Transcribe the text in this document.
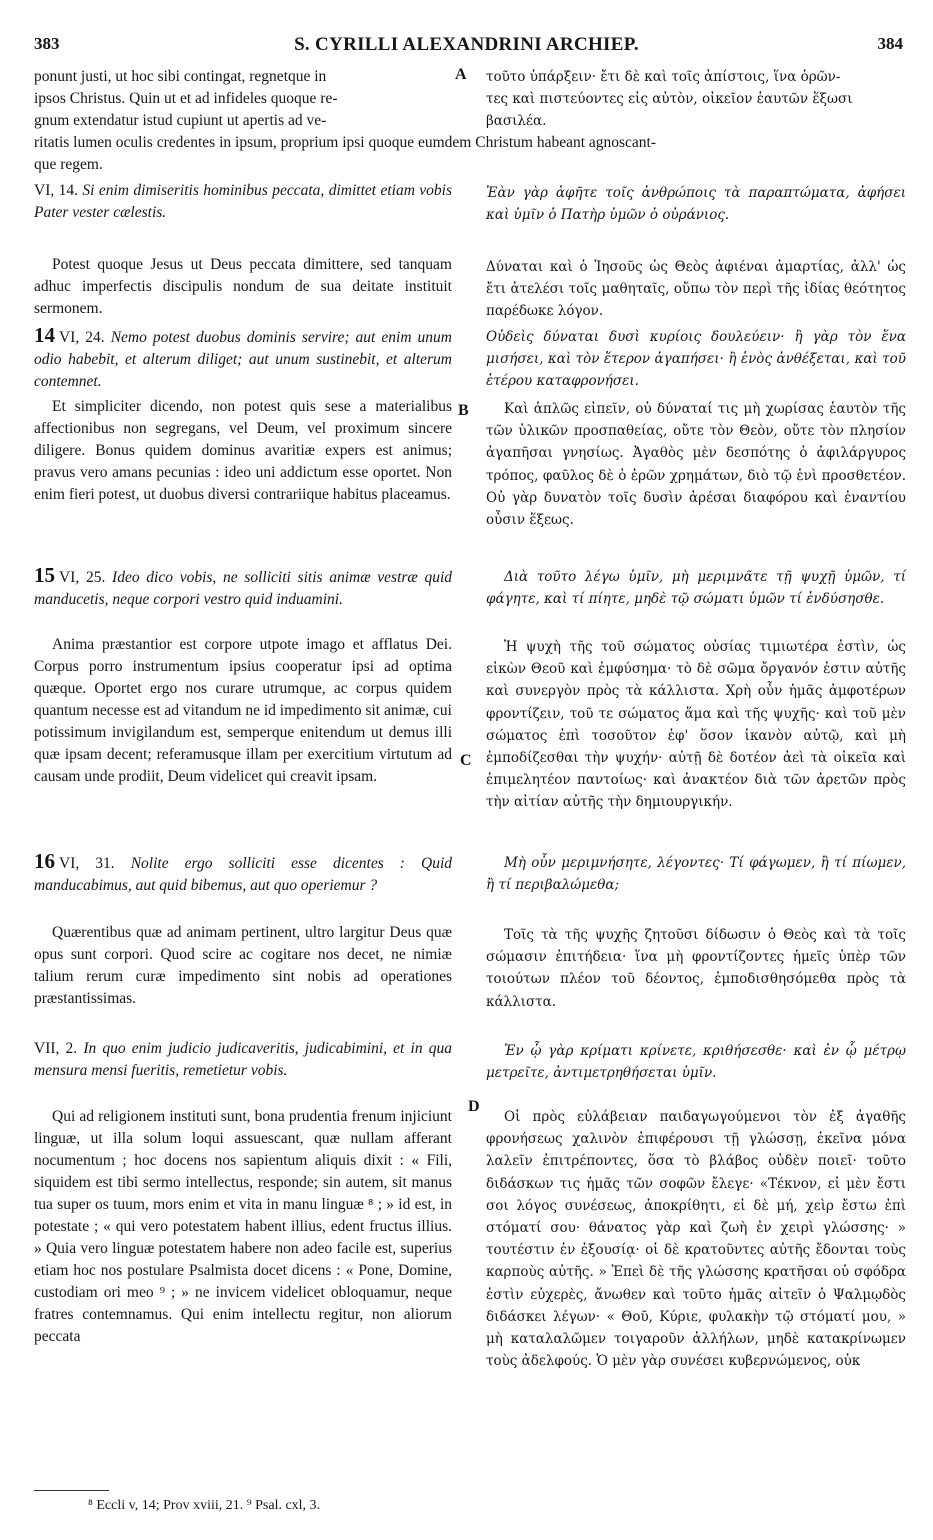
383	S. CYRILLI ALEXANDRINI ARCHIEP.	384

ponunt justi, ut hoc sibi contingat, regnetque in

ipsos Christus. Quin ut et ad infideles quoque re-

gnum extendatur istud cupiunt ut apertis ad ve-

A τοῦτο ὑπάρξειν· ἔτι δὲ καὶ τοῖς ἀπίστοις, ἵνα ὁρῶν-

τες καὶ πιστεύοντες εἰς αὐτὸν, οἰκεῖον ἑαυτῶν ἕξωσι

βασιλέα.

ritatis lumen oculis credentes in ipsum, proprium ipsi quoque eumdem Christum habeant agnoscant-

que regem.

VI, 14. Si enim dimiseritis hominibus peccata, dimittet etiam vobis Pater vester cælestis.

Potest quoque Jesus ut Deus peccata dimittere, sed tanquam adhuc imperfectis discipulis nondum de sua deitate instituit sermonem.

14 VI, 24. Nemo potest duobus dominis servire; aut enim unum odio habebit, et alterum diliget; aut unum sustinebit, et alterum contemnet.

Et simpliciter dicendo, non potest quis sese a materialibus affectionibus non segregans, vel Deum, vel proximum sincere diligere. Bonus quidem dominus avaritiæ expers est animus; pravus vero amans pecunias : ideo uni addictum esse oportet. Non enim fieri potest, ut duobus diversi contrariique habitus placeamus.

15 VI, 25. Ideo dico vobis, ne solliciti sitis animæ vestræ quid manducetis, neque corpori vestro quid induamini.

Anima præstantior est corpore utpote imago et afflatus Dei. Corpus porro instrumentum ipsius cooperatur ipsi ad optima quæque. Oportet ergo nos curare utrumque, ac corpus quidem quantum necesse est ad vitandum ne id impedimento sit animæ, cui potissimum invigilandum est, semperque enitendum ut demus illi quæ ipsam decent; referamusque illam per exercitium virtutum ad causam unde prodiit, Deum videlicet qui creavit ipsam.

16 VI, 31. Nolite ergo solliciti esse dicentes : Quid manducabimus, aut quid bibemus, aut quo operiemur ?

Quærentibus quæ ad animam pertinent, ultro largitur Deus quæ opus sunt corpori. Quod scire ac cogitare nos decet, ne nimiæ talium rerum curæ impedimento sint nobis ad operationes præstantissimas.

VII, 2. In quo enim judicio judicaveritis, judicabimini, et in qua mensura mensi fueritis, remetietur vobis.

Qui ad religionem instituti sunt, bona prudentia frenum injiciunt linguæ, ut illa solum loqui assuescant, quæ nullam afferant nocumentum ; hoc docens nos sapientum aliquis dixit : « Fili, siquidem est tibi sermo intellectus, responde; sin autem, sit manus tua super os tuum, mors enim et vita in manu linguæ ⁸ ; » id est, in potestate ; « qui vero potestatem habent illius, edent fructus illius. » Quia vero linguæ potestatem habere non adeo facile est, superius etiam hoc nos postulare Psalmista docet dicens : « Pone, Domine, custodiam ori meo ⁹ ; » ne invicem videlicet obloquamur, neque fratres contemnamus. Qui enim intellectu regitur, non aliorum peccata
B
C
D
Ἐὰν γὰρ ἀφῆτε τοῖς ἀνθρώποις τὰ παραπτώματα, ἀφήσει καὶ ὑμῖν ὁ Πατὴρ ὑμῶν ὁ οὐράνιος.
Δύναται καὶ ὁ Ἰησοῦς ὡς Θεὸς ἀφιέναι ἁμαρτίας, ἀλλ' ὡς ἔτι ἀτελέσι τοῖς μαθηταῖς, οὔπω τὸν περὶ τῆς ἰδίας θεότητος παρέδωκε λόγον.
Οὐδεὶς δύναται δυσὶ κυρίοις δουλεύειν· ἢ γὰρ τὸν ἕνα μισήσει, καὶ τὸν ἕτερον ἀγαπήσει· ἢ ἑνὸς ἀνθέξεται, καὶ τοῦ ἑτέρου καταφρονήσει.
Καὶ ἁπλῶς εἰπεῖν, οὐ δύναταί τις μὴ χωρίσας ἑαυτὸν τῆς τῶν ὑλικῶν προσπαθείας, οὔτε τὸν Θεὸν, οὔτε τὸν πλησίον ἀγαπῆσαι γνησίως. Ἀγαθὸς μὲν δεσπότης ὁ ἀφιλάργυρος τρόπος, φαῦλος δὲ ὁ ἐρῶν χρημάτων, διὸ τῷ ἑνὶ προσθετέον. Οὐ γὰρ δυνατὸν τοῖς δυσὶν ἀρέσαι διαφόρου καὶ ἐναντίου οὖσιν ἕξεως.
Διὰ τοῦτο λέγω ὑμῖν, μὴ μεριμνᾶτε τῇ ψυχῇ ὑμῶν, τί φάγητε, καὶ τί πίητε, μηδὲ τῷ σώματι ὑμῶν τί ἐνδύσησθε.
Ἡ ψυχὴ τῆς τοῦ σώματος οὐσίας τιμιωτέρα ἐστὶν, ὡς εἰκὼν Θεοῦ καὶ ἐμφύσημα· τὸ δὲ σῶμα ὄργανόν ἐστιν αὐτῆς καὶ συνεργὸν πρὸς τὰ κάλλιστα. Χρὴ οὖν ἡμᾶς ἀμφοτέρων φροντίζειν, τοῦ τε σώματος ἅμα καὶ τῆς ψυχῆς· καὶ τοῦ μὲν σώματος ἐπὶ τοσοῦτον ἐφ' ὅσον ἱκανὸν αὐτῷ, καὶ μὴ ἐμποδίζεσθαι τὴν ψυχήν· αὐτῇ δὲ δοτέον ἀεὶ τὰ οἰκεῖα καὶ ἐπιμελητέον παντοίως· καὶ ἀνακτέον διὰ τῶν ἀρετῶν πρὸς τὴν αἰτίαν αὐτῆς τὴν δημιουργικήν.
Μὴ οὖν μεριμνήσητε, λέγοντες· Τί φάγωμεν, ἢ τί πίωμεν, ἢ τί περιβαλώμεθα;
Τοῖς τὰ τῆς ψυχῆς ζητοῦσι δίδωσιν ὁ Θεὸς καὶ τὰ τοῖς σώμασιν ἐπιτήδεια· ἵνα μὴ φροντίζοντες ἡμεῖς ὑπὲρ τῶν τοιούτων πλέον τοῦ δέοντος, ἐμποδισθησόμεθα πρὸς τὰ κάλλιστα.
Ἐν ᾧ γὰρ κρίματι κρίνετε, κριθήσεσθε· καὶ ἐν ᾧ μέτρῳ μετρεῖτε, ἀντιμετρηθήσεται ὑμῖν.
Οἱ πρὸς εὐλάβειαν παιδαγωγούμενοι τὸν ἐξ ἀγαθῆς φρονήσεως χαλινὸν ἐπιφέρουσι τῇ γλώσσῃ, ἐκεῖνα μόνα λαλεῖν ἐπιτρέποντες, ὅσα τὸ βλάβος οὐδὲν ποιεῖ· τοῦτο διδάσκων τις ἡμᾶς τῶν σοφῶν ἔλεγε· «Τέκνον, εἰ μὲν ἔστι σοι λόγος συνέσεως, ἀποκρίθητι, εἰ δὲ μή, χεὶρ ἔστω ἐπὶ στόματί σου· θάνατος γὰρ καὶ ζωὴ ἐν χειρὶ γλώσσης· » τουτέστιν ἐν ἐξουσίᾳ· οἱ δὲ κρατοῦντες αὐτῆς ἔδονται τοὺς καρποὺς αὐτῆς. » Ἐπεὶ δὲ τῆς γλώσσης κρατῆσαι οὐ σφόδρα ἐστὶν εὐχερὲς, ἄνωθεν καὶ τοῦτο ἡμᾶς αἰτεῖν ὁ Ψαλμῳδὸς διδάσκει λέγων· « Θοῦ, Κύριε, φυλακὴν τῷ στόματί μου, » μὴ καταλαλῶμεν τοιγαροῦν ἀλλήλων, μηδὲ κατακρίνωμεν τοὺς ἀδελφούς. Ὁ μὲν γὰρ συνέσει κυβερνώμενος, οὐκ
⁸ Eccli v, 14; Prov xviii, 21. ⁹ Psal. cxl, 3.
